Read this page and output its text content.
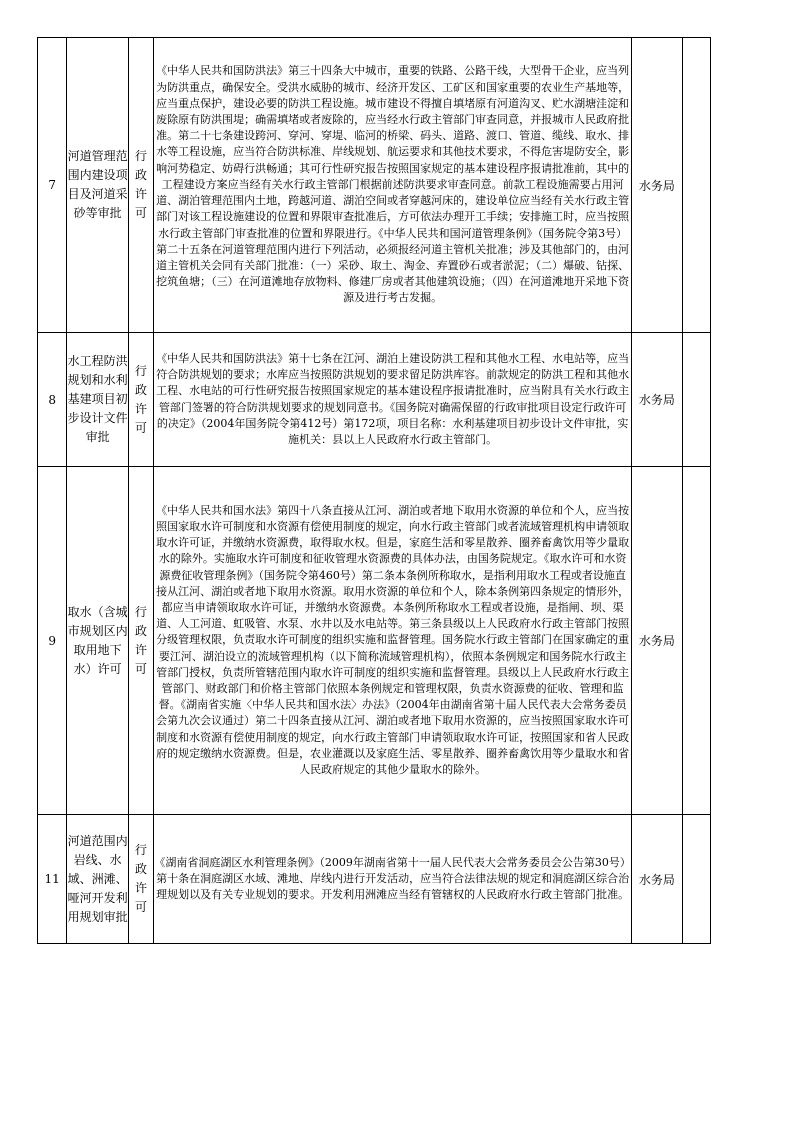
7	河道管理范围内建设项目及河道采砂等审批	行政许可	《中华人民共和国防洪法》第三十四条大中城市，重要的铁路、公路干线，大型骨干企业，应当列为防洪重点，确保安全。受洪水威胁的城市、经济开发区、工矿区和国家重要的农业生产基地等，应当重点保护，建设必要的防洪工程设施。城市建设不得擅自填堵原有河道沟叉、贮水湖塘洼淀和废除原有防洪围堤；确需填堵或者废除的，应当经水行政主管部门审查同意，并报城市人民政府批准。第二十七条建设跨河、穿河、穿堤、临河的桥梁、码头、道路、渡口、管道、缆线、取水、排水等工程设施，应当符合防洪标准、岸线规划、航运要求和其他技术要求，不得危害堤防安全，影响河势稳定、妨碍行洪畅通；其可行性研究报告按照国家规定的基本建设程序报请批准前，其中的工程建设方案应当经有关水行政主管部门根据前述防洪要求审查同意。前款工程设施需要占用河道、湖泊管理范围内土地，跨越河道、湖泊空间或者穿越河床的，建设单位应当经有关水行政主管部门对该工程设施建设的位置和界限审查批准后，方可依法办理开工手续；安排施工时，应当按照水行政主管部门审查批准的位置和界限进行。《中华人民共和国河道管理条例》（国务院令第3号）第二十五条在河道管理范围内进行下列活动，必须报经河道主管机关批准；涉及其他部门的，由河道主管机关会同有关部门批准：（一）采砂、取土、淘金、弃置砂石或者淤泥；（二）爆破、钻探、挖筑鱼塘；（三）在河道滩地存放物料、修建厂房或者其他建筑设施；（四）在河道滩地开采地下资源及进行考古发掘。	水务局	
8	水工程防洪规划和水利基建项目初步设计文件审批	行政许可	《中华人民共和国防洪法》第十七条在江河、湖泊上建设防洪工程和其他水工程、水电站等，应当符合防洪规划的要求；水库应当按照防洪规划的要求留足防洪库容。前款规定的防洪工程和其他水工程、水电站的可行性研究报告按照国家规定的基本建设程序报请批准时，应当附具有关水行政主管部门签署的符合防洪规划要求的规划同意书。《国务院对确需保留的行政审批项目设定行政许可的决定》（2004年国务院令第412号）第172项，项目名称：水利基建项目初步设计文件审批，实施机关：县以上人民政府水行政主管部门。	水务局	
9	取水（含城市规划区内取用地下水）许可	行政许可	《中华人民共和国水法》第四十八条直接从江河、湖泊或者地下取用水资源的单位和个人，应当按照国家取水许可制度和水资源有偿使用制度的规定，向水行政主管部门或者流域管理机构申请领取取水许可证，并缴纳水资源费，取得取水权。但是，家庭生活和零星散养、圈养畜禽饮用等少量取水的除外。实施取水许可制度和征收管理水资源费的具体办法，由国务院规定。《取水许可和水资源费征收管理条例》（国务院令第460号）第二条本条例所称取水，是指利用取水工程或者设施直接从江河、湖泊或者地下取用水资源。取用水资源的单位和个人，除本条例第四条规定的情形外，都应当申请领取取水许可证，并缴纳水资源费。本条例所称取水工程或者设施，是指闸、坝、渠道、人工河道、虹吸管、水泵、水井以及水电站等。第三条县级以上人民政府水行政主管部门按照分级管理权限，负责取水许可制度的组织实施和监督管理。国务院水行政主管部门在国家确定的重要江河、湖泊设立的流域管理机构（以下简称流域管理机构），依照本条例规定和国务院水行政主管部门授权，负责所管辖范围内取水许可制度的组织实施和监督管理。县级以上人民政府水行政主管部门、财政部门和价格主管部门依照本条例规定和管理权限，负责水资源费的征收、管理和监督。《湖南省实施〈中华人民共和国水法〉办法》（2004年由湖南省第十届人民代表大会常务委员会第九次会议通过）第二十四条直接从江河、湖泊或者地下取用水资源的，应当按照国家取水许可制度和水资源有偿使用制度的规定，向水行政主管部门申请领取取水许可证，按照国家和省人民政府的规定缴纳水资源费。但是，农业灌溉以及家庭生活、零星散养、圈养畜禽饮用等少量取水和省人民政府规定的其他少量取水的除外。	水务局	
11	河道范围内岩线、水域、洲滩、哑河开发利用规划审批	行政许可	《湖南省洞庭湖区水利管理条例》（2009年湖南省第十一届人民代表大会常务委员会公告第30号）第十条在洞庭湖区水域、滩地、岸线内进行开发活动，应当符合法律法规的规定和洞庭湖区综合治理规划以及有关专业规划的要求。开发利用洲滩应当经有管辖权的人民政府水行政主管部门批准。	水务局	
